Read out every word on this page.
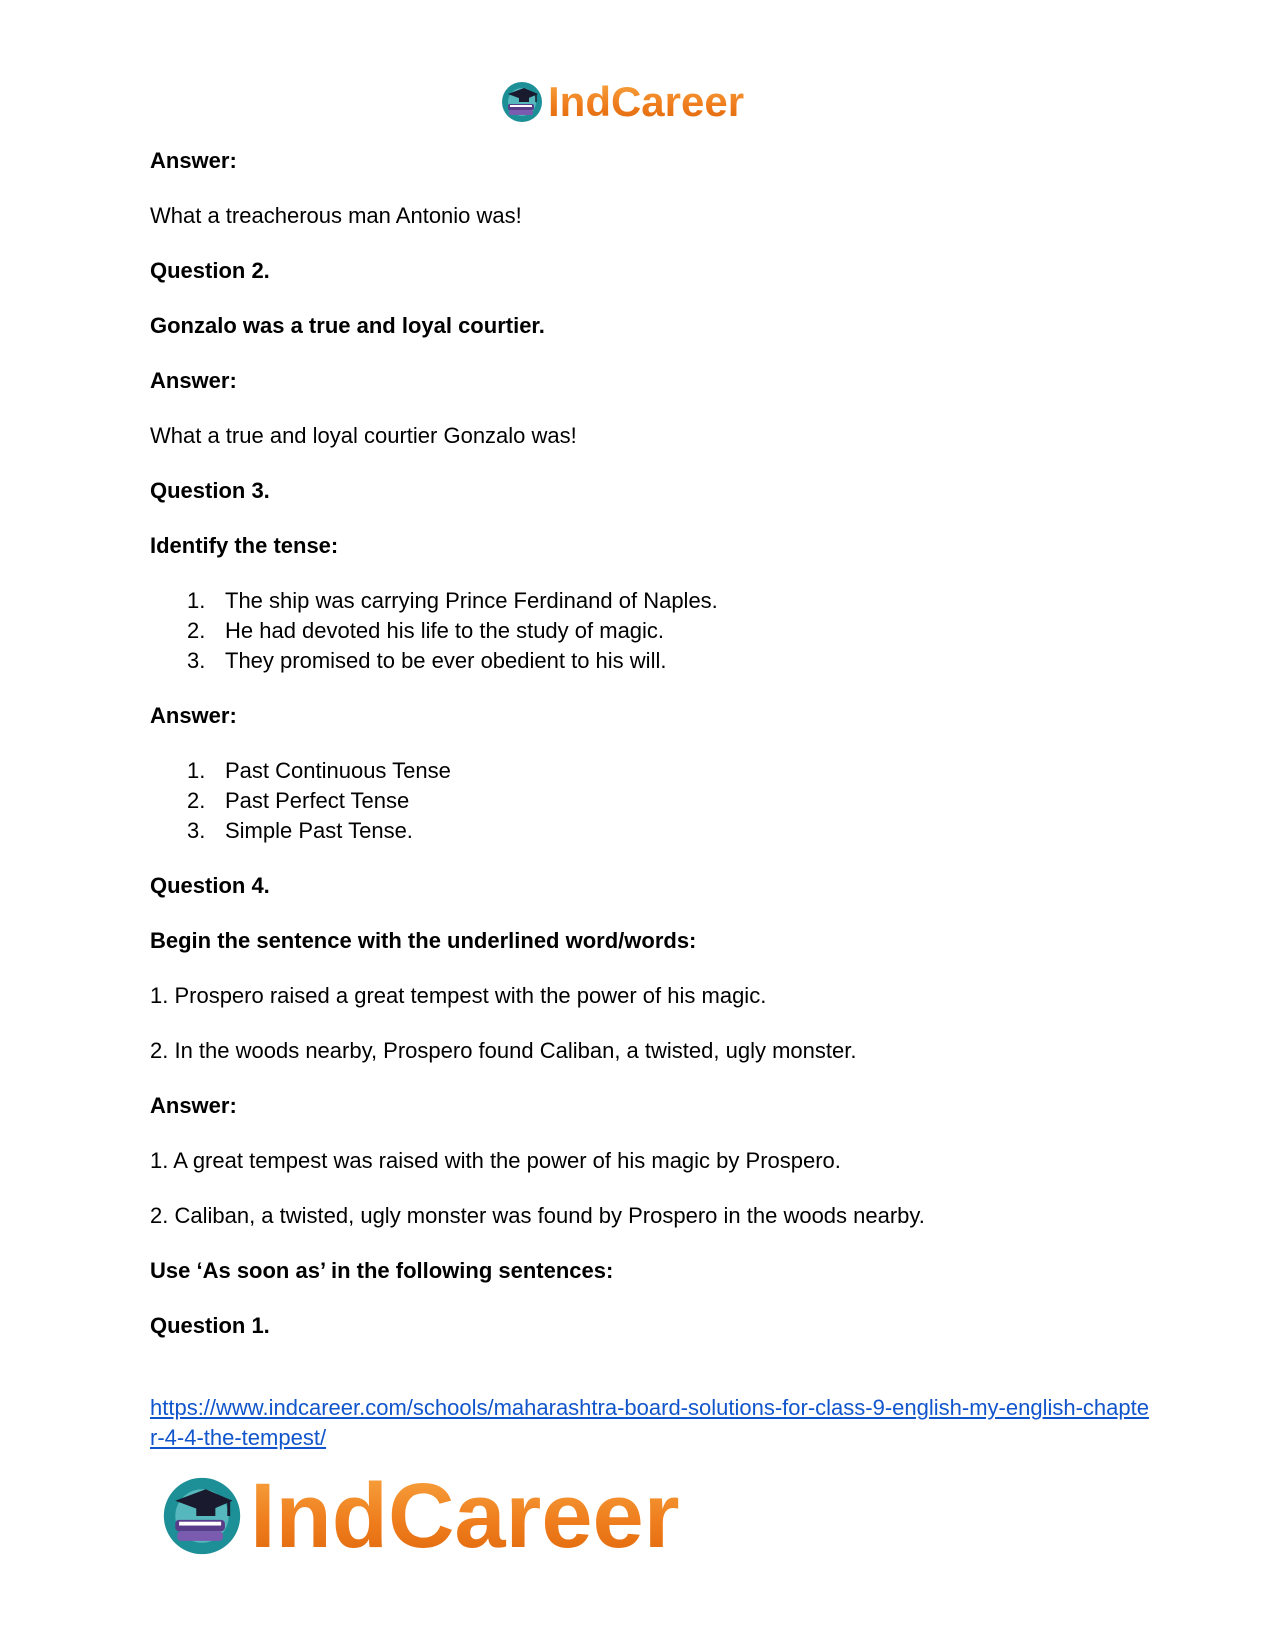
IndCareer
Answer:
What a treacherous man Antonio was!
Question 2.
Gonzalo was a true and loyal courtier.
Answer:
What a true and loyal courtier Gonzalo was!
Question 3.
Identify the tense:
1. The ship was carrying Prince Ferdinand of Naples.
2. He had devoted his life to the study of magic.
3. They promised to be ever obedient to his will.
Answer:
1. Past Continuous Tense
2. Past Perfect Tense
3. Simple Past Tense.
Question 4.
Begin the sentence with the underlined word/words:
1. Prospero raised a great tempest with the power of his magic.
2. In the woods nearby, Prospero found Caliban, a twisted, ugly monster.
Answer:
1. A great tempest was raised with the power of his magic by Prospero.
2. Caliban, a twisted, ugly monster was found by Prospero in the woods nearby.
Use ‘As soon as’ in the following sentences:
Question 1.
https://www.indcareer.com/schools/maharashtra-board-solutions-for-class-9-english-my-english-chapter-4-4-the-tempest/
IndCareer
